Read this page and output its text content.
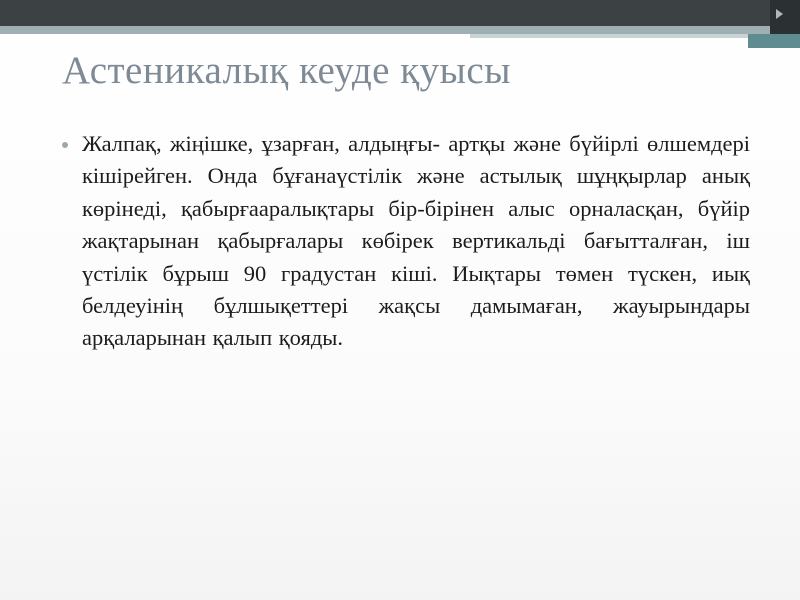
Астеникалық кеуде қуысы
Жалпақ, жіңішке, ұзарған, алдыңғы- артқы және бүйірлі өлшемдері кішірейген. Онда бұғанаүстілік және астылық шұңқырлар анық көрінеді, қабырғааралықтары бір-бірінен алыс орналасқан, бүйір жақтарынан қабырғалары көбірек вертикальді бағытталған, іш үстілік бұрыш 90 градустан кіші. Иықтары төмен түскен, иық белдеуінің бұлшықеттері жақсы дамымаған, жауырындары арқаларынан қалып қояды.
